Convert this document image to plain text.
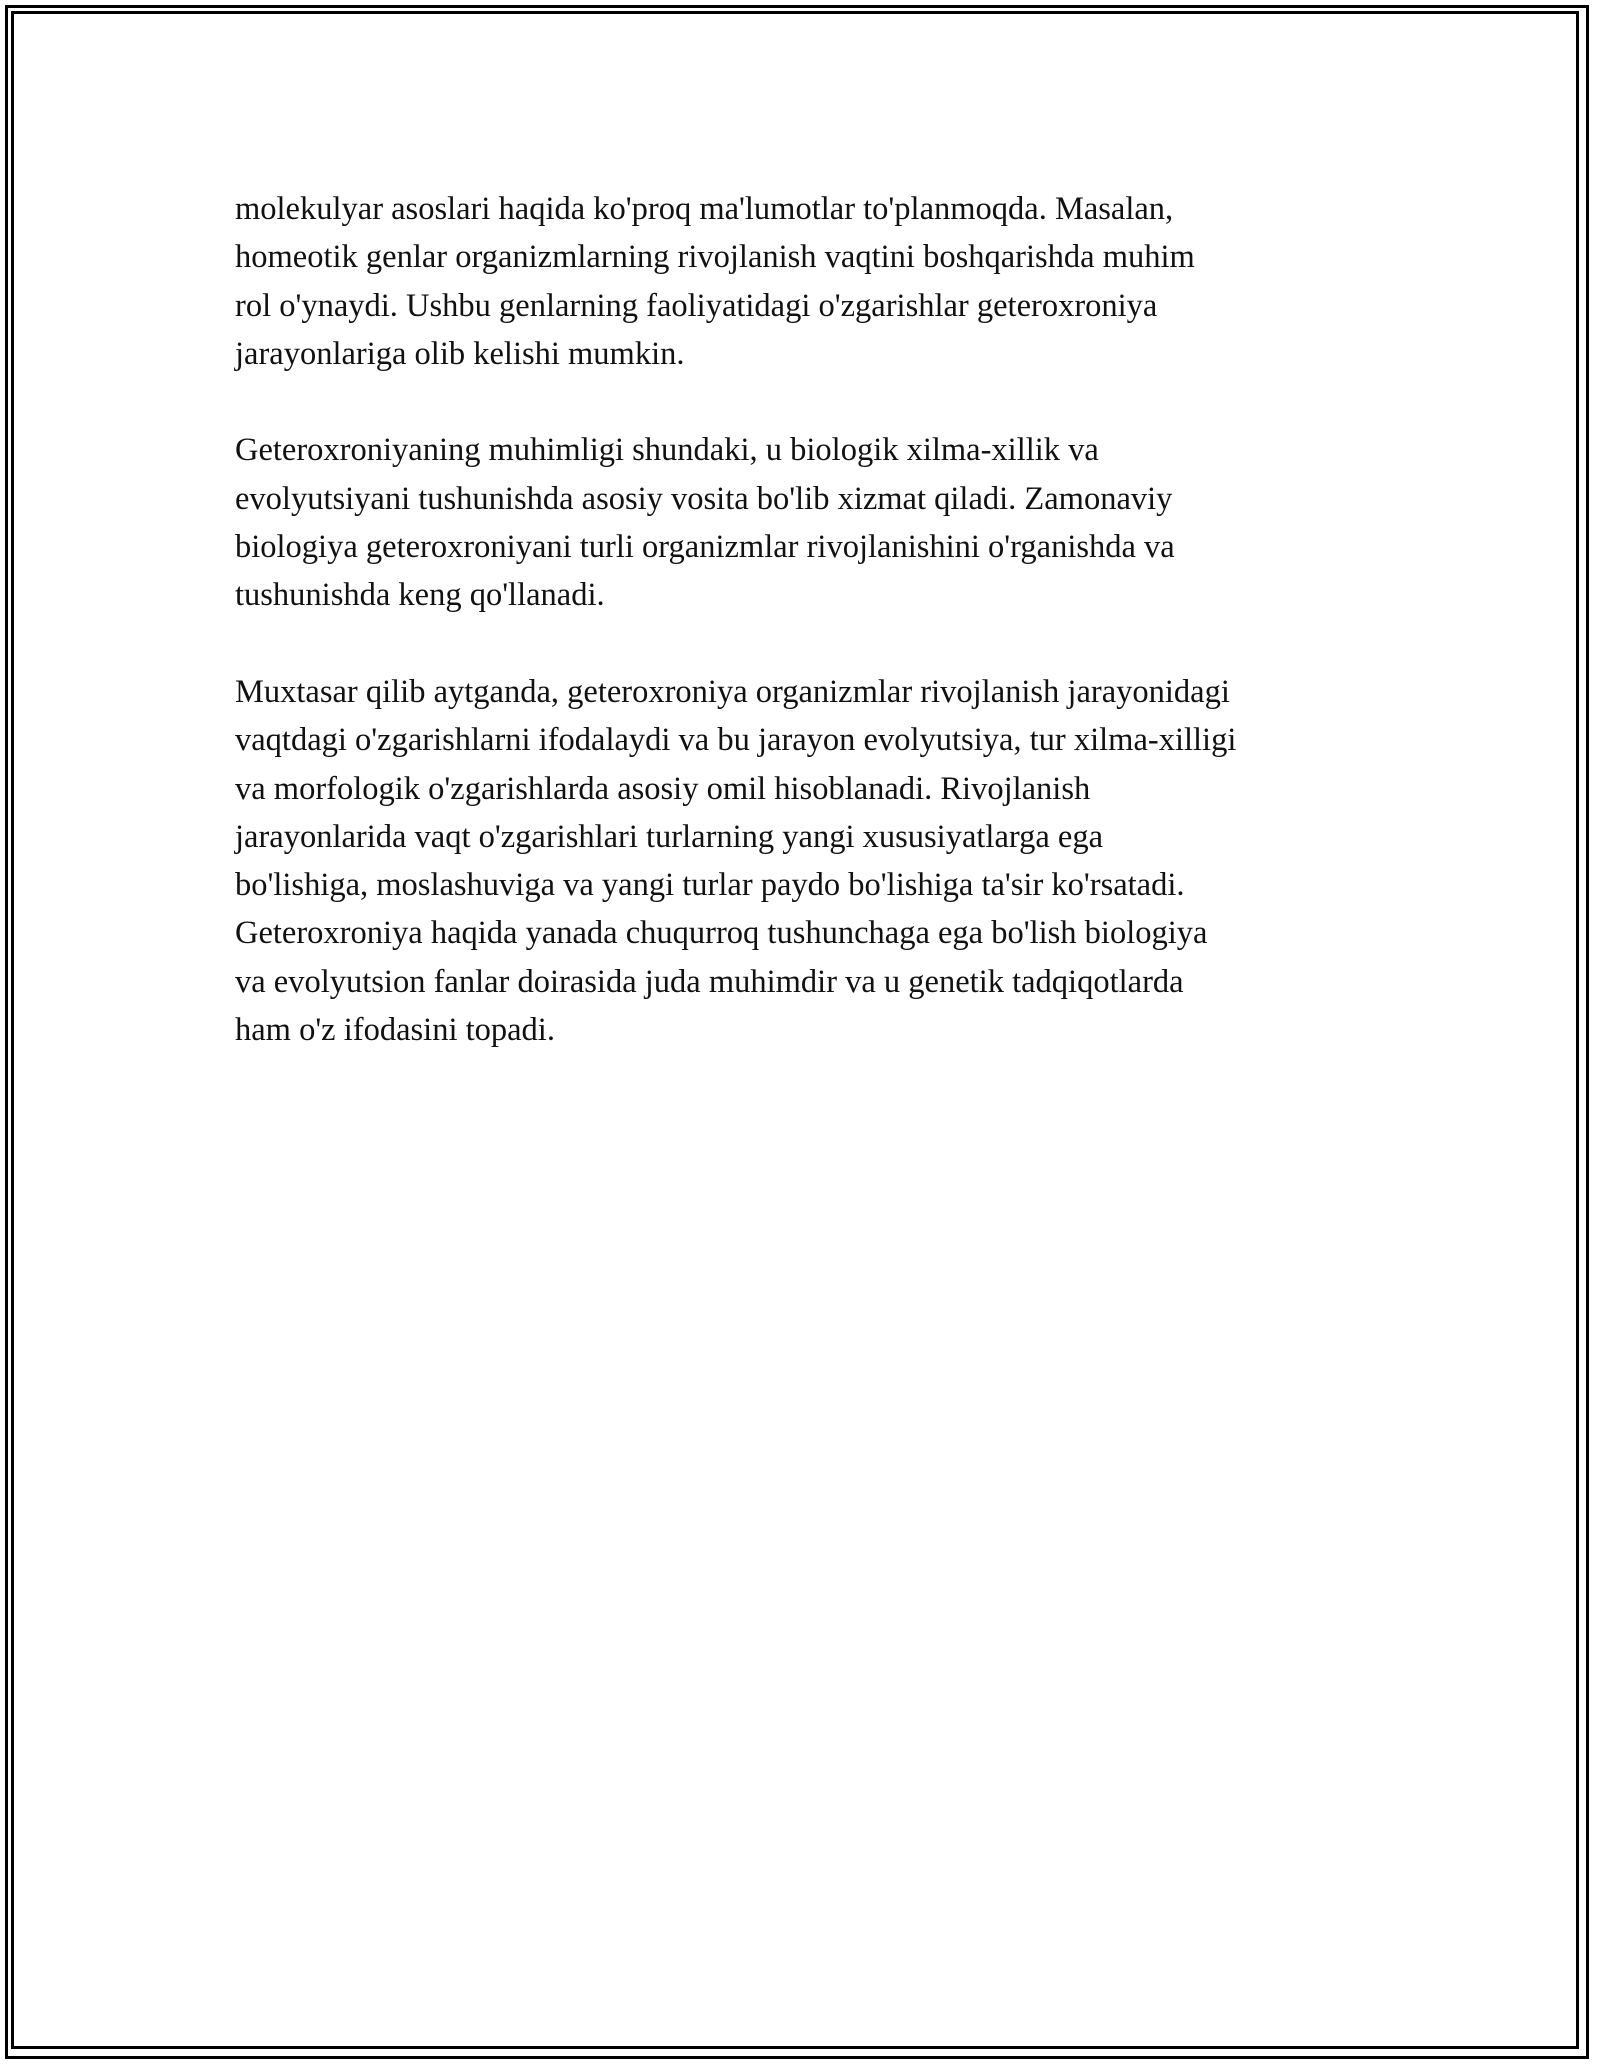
molekulyar asoslari haqida ko'proq ma'lumotlar to'planmoqda. Masalan,
homeotik genlar organizmlarning rivojlanish vaqtini boshqarishda muhim
rol o'ynaydi. Ushbu genlarning faoliyatidagi o'zgarishlar geteroxroniya
jarayonlariga olib kelishi mumkin.

Geteroxroniyaning muhimligi shundaki, u biologik xilma-xillik va
evolyutsiyani tushunishda asosiy vosita bo'lib xizmat qiladi. Zamonaviy
biologiya geteroxroniyani turli organizmlar rivojlanishini o'rganishda va
tushunishda keng qo'llanadi.

Muxtasar qilib aytganda, geteroxroniya organizmlar rivojlanish jarayonidagi
vaqtdagi o'zgarishlarni ifodalaydi va bu jarayon evolyutsiya, tur xilma-xilligi
va morfologik o'zgarishlarda asosiy omil hisoblanadi. Rivojlanish
jarayonlarida vaqt o'zgarishlari turlarning yangi xususiyatlarga ega
bo'lishiga, moslashuviga va yangi turlar paydo bo'lishiga ta'sir ko'rsatadi.
Geteroxroniya haqida yanada chuqurroq tushunchaga ega bo'lish biologiya
va evolyutsion fanlar doirasida juda muhimdir va u genetik tadqiqotlarda
ham o'z ifodasini topadi.
